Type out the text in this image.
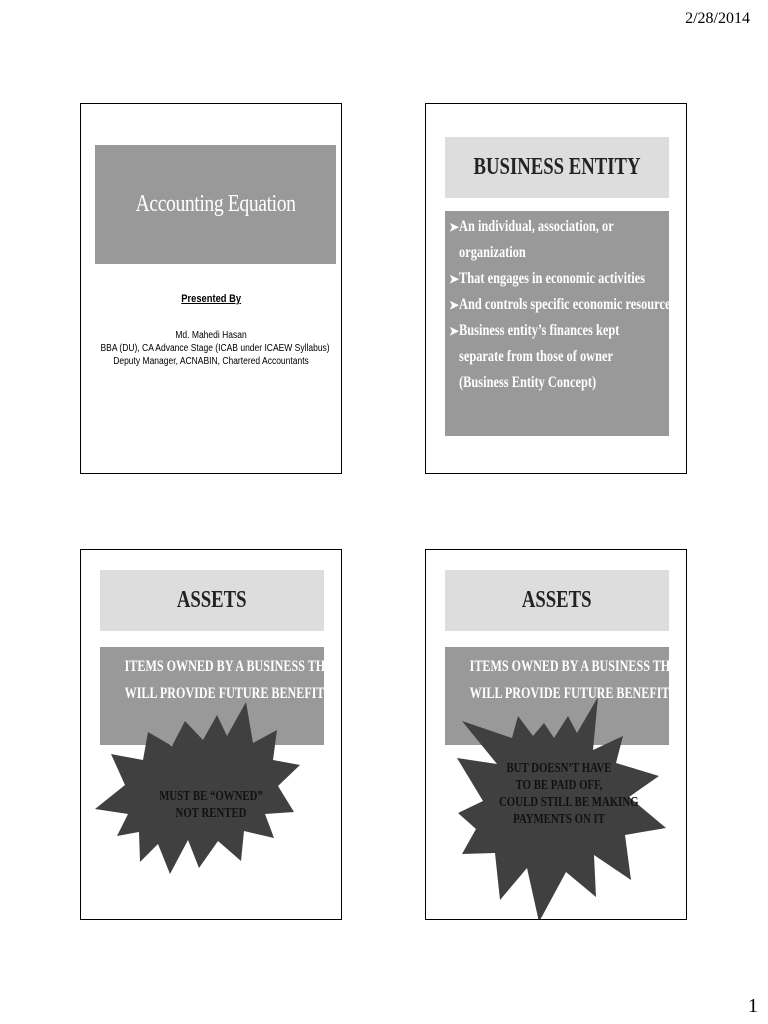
2/28/2014
Accounting Equation
Presented By
Md. Mahedi Hasan
BBA (DU), CA Advance Stage (ICAB under ICAEW Syllabus)
Deputy Manager, ACNABIN, Chartered Accountants
BUSINESS ENTITY
➤ An individual, association, or organization
➤ That engages in economic activities
➤ And controls specific economic resources
➤ Business entity’s finances kept separate from those of owner (Business Entity Concept)
ASSETS
ITEMS OWNED BY A BUSINESS THAT
WILL PROVIDE FUTURE BENEFITS
MUST BE “OWNED”
NOT RENTED
ASSETS
ITEMS OWNED BY A BUSINESS THAT
WILL PROVIDE FUTURE BENEFITS
BUT DOESN’T HAVE
TO BE PAID OFF,
COULD STILL BE MAKING
PAYMENTS ON IT
1
